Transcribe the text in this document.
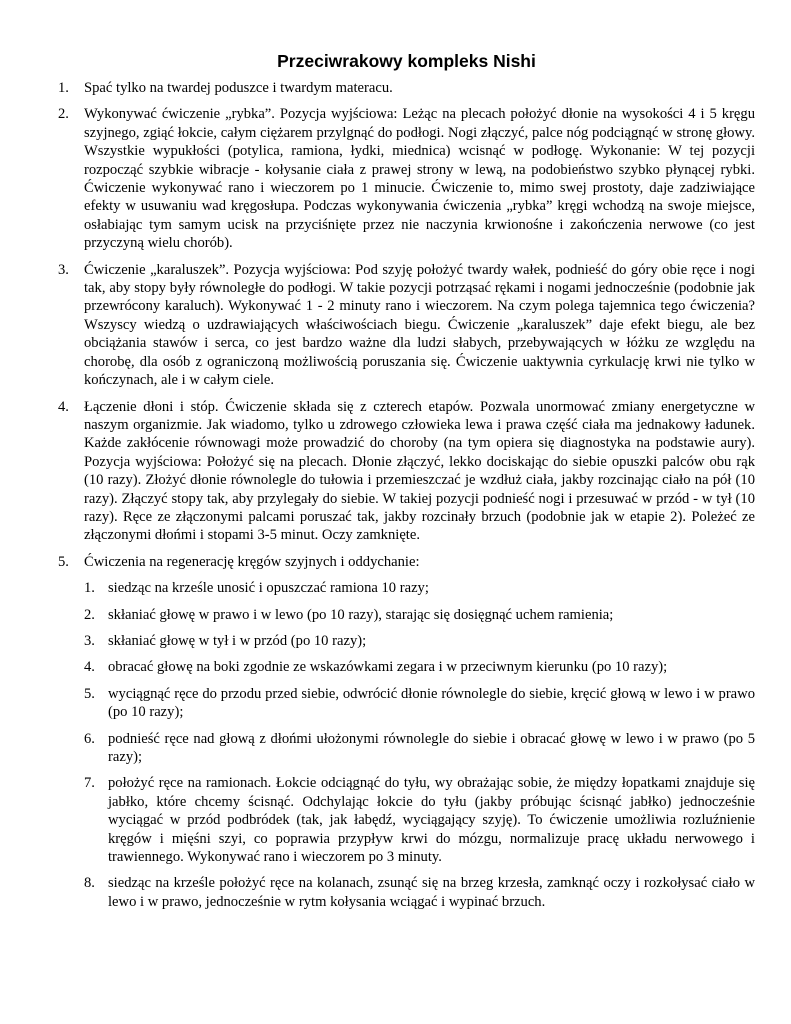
Przeciwrakowy kompleks Nishi
1. Spać tylko na twardej poduszce i twardym materacu.
2. Wykonywać ćwiczenie „rybka”. Pozycja wyjściowa: Leżąc na plecach położyć dłonie na wysokości 4 i 5 kręgu szyjnego, zgiąć łokcie, całym ciężarem przylgnąć do podłogi. Nogi złączyć, palce nóg podciągnąć w stronę głowy. Wszystkie wypukłości (potylica, ramiona, łydki, miednica) wcisnąć w podłogę. Wykonanie: W tej pozycji rozpocząć szybkie wibracje - kołysanie ciała z prawej strony w lewą, na podobieństwo szybko płynącej rybki. Ćwiczenie wykonywać rano i wieczorem po 1 minucie. Ćwiczenie to, mimo swej prostoty, daje zadziwiające efekty w usuwaniu wad kręgosłupa. Podczas wykonywania ćwiczenia „rybka” kręgi wchodzą na swoje miejsce, osłabiając tym samym ucisk na przyciśnięte przez nie naczynia krwionośne i zakończenia nerwowe (co jest przyczyną wielu chorób).
3. Ćwiczenie „karaluszek”. Pozycja wyjściowa: Pod szyję położyć twardy wałek, podnieść do góry obie ręce i nogi tak, aby stopy były równoległe do podłogi. W takie pozycji potrząsać rękami i nogami jednocześnie (podobnie jak przewrócony karaluch). Wykonywać 1 - 2 minuty rano i wieczorem. Na czym polega tajemnica tego ćwiczenia? Wszyscy wiedzą o uzdrawiających właściwościach biegu. Ćwiczenie „karaluszek” daje efekt biegu, ale bez obciążania stawów i serca, co jest bardzo ważne dla ludzi słabych, przebywających w łóżku ze względu na chorobę, dla osób z ograniczoną możliwością poruszania się. Ćwiczenie uaktywnia cyrkulację krwi nie tylko w kończynach, ale i w całym ciele.
4. Łączenie dłoni i stóp. Ćwiczenie składa się z czterech etapów. Pozwala unormować zmiany energetyczne w naszym organizmie. Jak wiadomo, tylko u zdrowego człowieka lewa i prawa część ciała ma jednakowy ładunek. Każde zakłócenie równowagi może prowadzić do choroby (na tym opiera się diagnostyka na podstawie aury). Pozycja wyjściowa: Położyć się na plecach. Dłonie złączyć, lekko dociskając do siebie opuszki palców obu rąk (10 razy). Złożyć dłonie równolegle do tułowia i przemieszczać je wzdłuż ciała, jakby rozcinając ciało na pół (10 razy). Złączyć stopy tak, aby przylegały do siebie. W takiej pozycji podnieść nogi i przesuwać w przód - w tył (10 razy). Ręce ze złączonymi palcami poruszać tak, jakby rozcinały brzuch (podobnie jak w etapie 2). Poleżeć ze złączonymi dłońmi i stopami 3-5 minut. Oczy zamknięte.
5. Ćwiczenia na regenerację kręgów szyjnych i oddychanie:
1. siedząc na krześle unosić i opuszczać ramiona 10 razy;
2. skłaniać głowę w prawo i w lewo (po 10 razy), starając się dosięgnąć uchem ramienia;
3. skłaniać głowę w tył i w przód (po 10 razy);
4. obracać głowę na boki zgodnie ze wskazówkami zegara i w przeciwnym kierunku (po 10 razy);
5. wyciągnąć ręce do przodu przed siebie, odwrócić dłonie równolegle do siebie, kręcić głową w lewo i w prawo (po 10 razy);
6. podnieść ręce nad głową z dłońmi ułożonymi równolegle do siebie i obracać głowę w lewo i w prawo (po 5 razy);
7. położyć ręce na ramionach. Łokcie odciągnąć do tyłu, wy obrażając sobie, że między łopatkami znajduje się jabłko, które chcemy ścisnąć. Odchylając łokcie do tyłu (jakby próbując ścisnąć jabłko) jednocześnie wyciągać w przód podbródek (tak, jak łabędź, wyciągający szyję). To ćwiczenie umożliwia rozluźnienie kręgów i mięśni szyi, co poprawia przypływ krwi do mózgu, normalizuje pracę układu nerwowego i trawiennego. Wykonywać rano i wieczorem po 3 minuty.
8. siedząc na krześle położyć ręce na kolanach, zsunąć się na brzeg krzesła, zamknąć oczy i rozkołysać ciało w lewo i w prawo, jednocześnie w rytm kołysania wciągać i wypinać brzuch.
